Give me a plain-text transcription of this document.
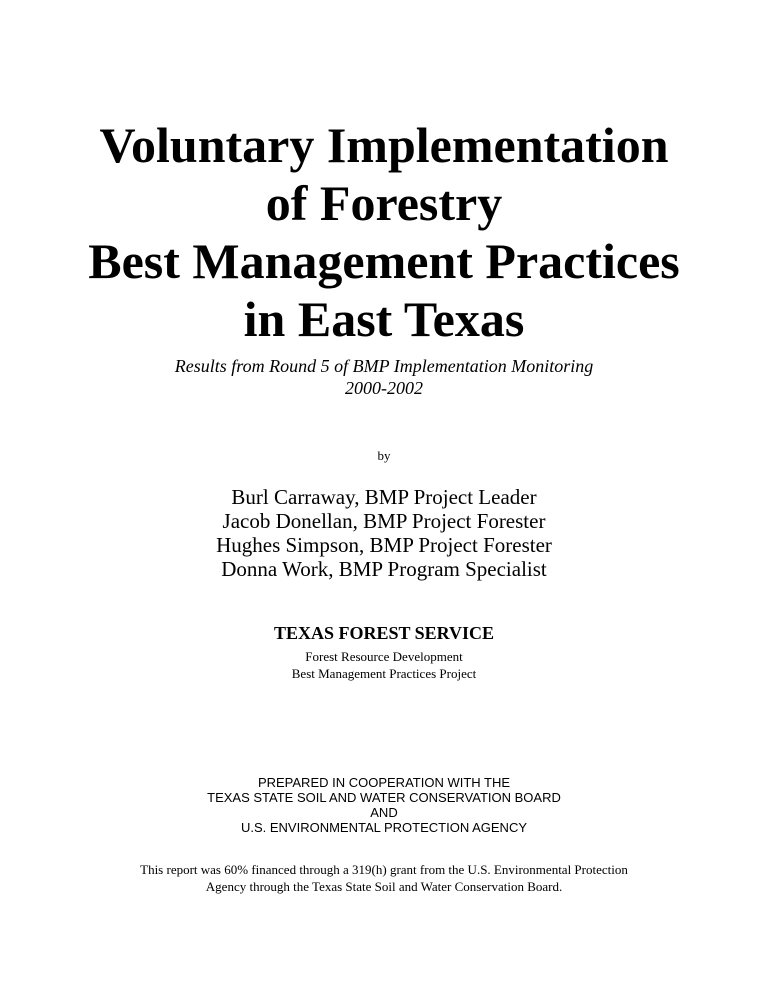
Voluntary Implementation
of Forestry
Best Management Practices
in East Texas
Results from Round 5 of BMP Implementation Monitoring
2000-2002
by
Burl Carraway, BMP Project Leader
Jacob Donellan, BMP Project Forester
Hughes Simpson, BMP Project Forester
Donna Work, BMP Program Specialist
TEXAS FOREST SERVICE
Forest Resource Development
Best Management Practices Project
PREPARED IN COOPERATION WITH THE
TEXAS STATE SOIL AND WATER CONSERVATION BOARD
AND
U.S. ENVIRONMENTAL PROTECTION AGENCY
This report was 60% financed through a 319(h) grant from the U.S. Environmental Protection
Agency through the Texas State Soil and Water Conservation Board.
